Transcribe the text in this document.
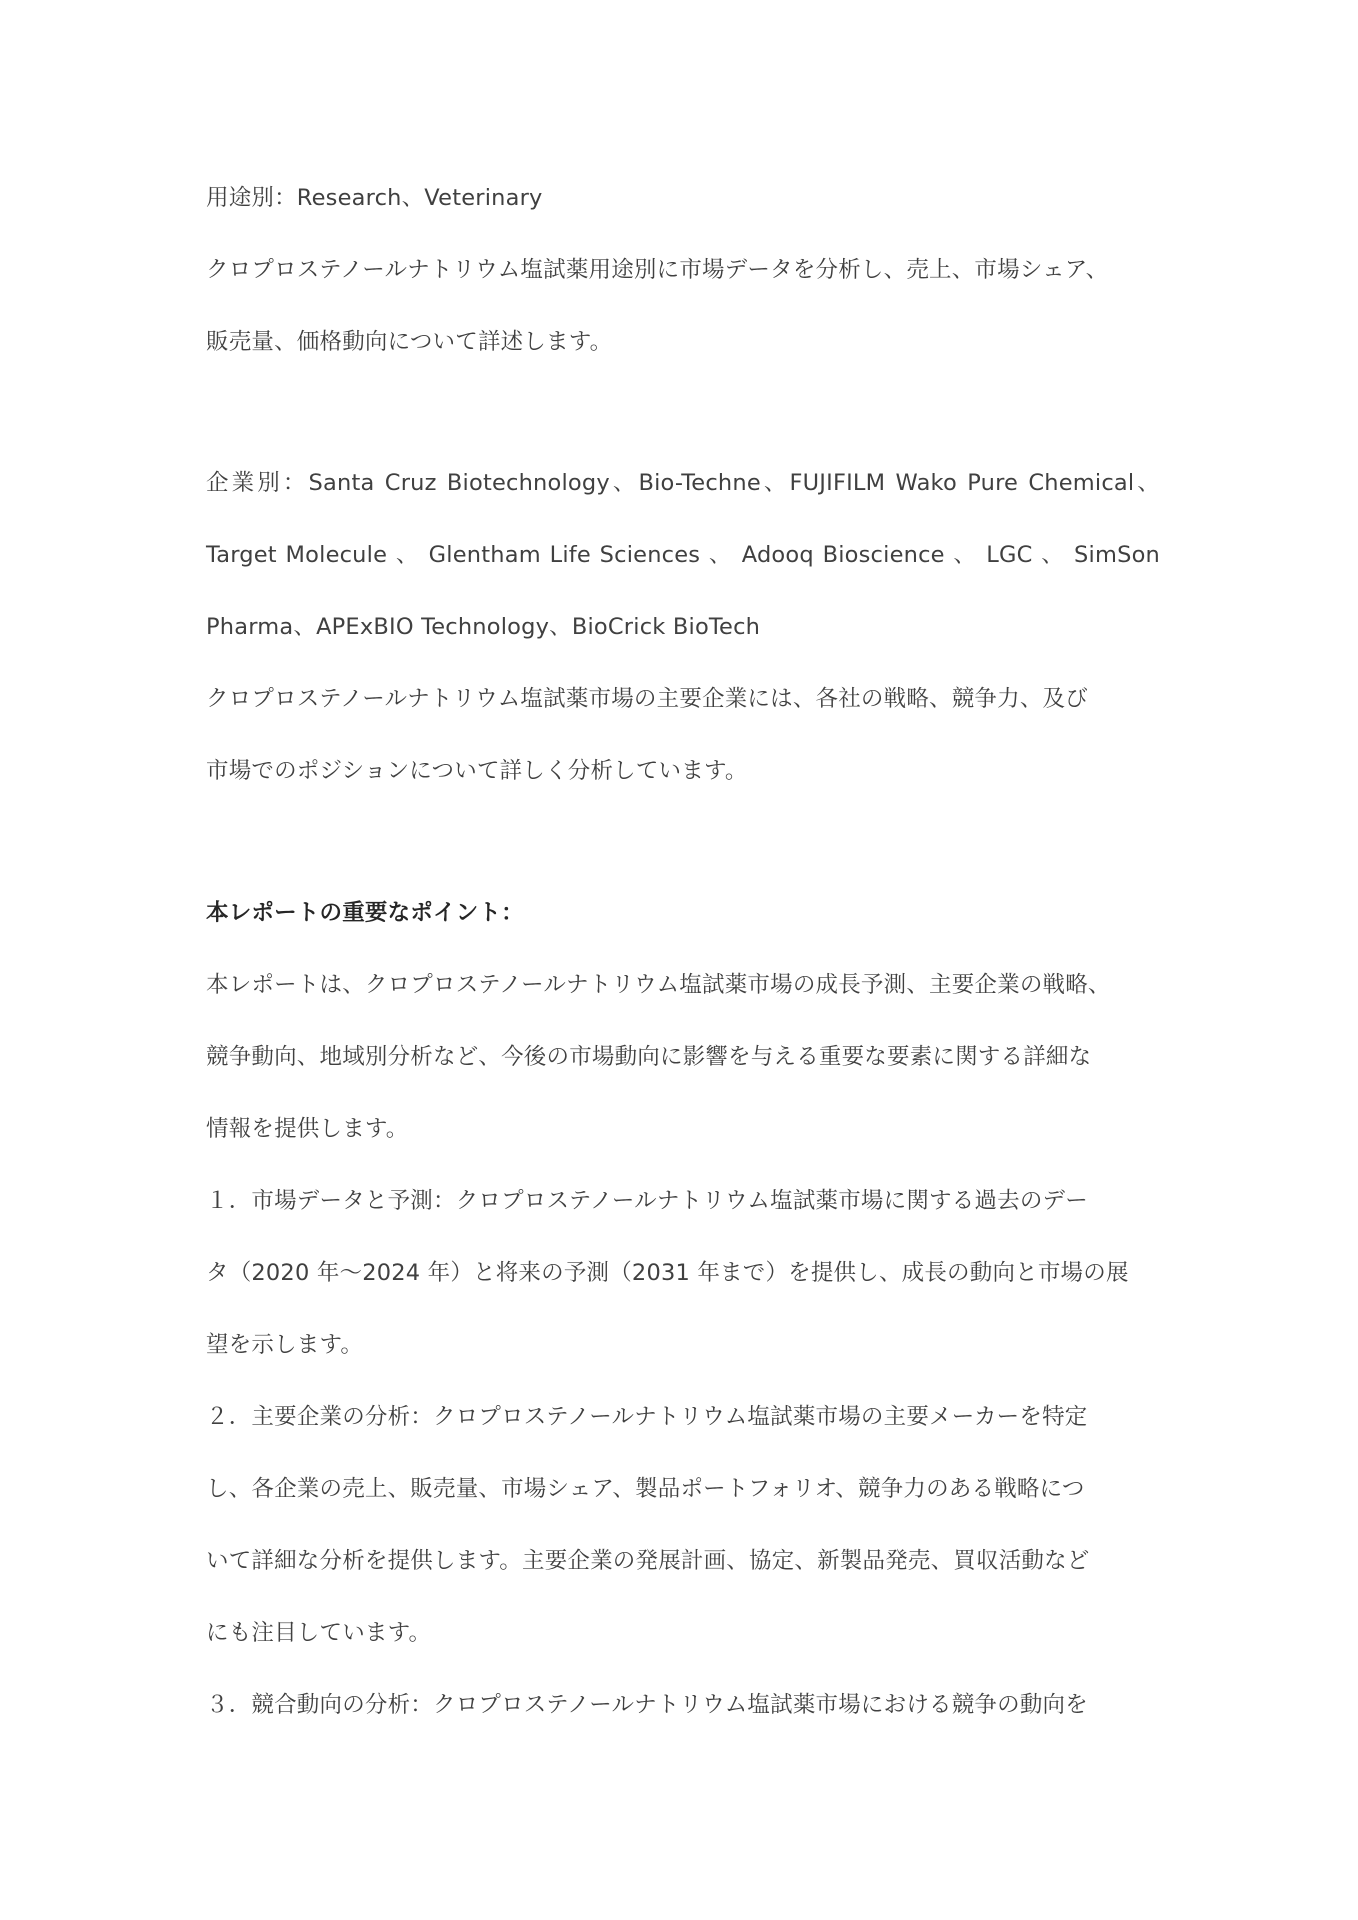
用途別：Research、Veterinary
クロプロステノールナトリウム塩試薬用途別に市場データを分析し、売上、市場シェア、
販売量、価格動向について詳述します。
企業別：Santa Cruz Biotechnology、Bio-Techne、FUJIFILM Wako Pure Chemical、
Target Molecule 、 Glentham Life Sciences 、 Adooq Bioscience 、 LGC 、 SimSon
Pharma、APExBIO Technology、BioCrick BioTech
クロプロステノールナトリウム塩試薬市場の主要企業には、各社の戦略、競争力、及び
市場でのポジションについて詳しく分析しています。
本レポートの重要なポイント：
本レポートは、クロプロステノールナトリウム塩試薬市場の成長予測、主要企業の戦略、
競争動向、地域別分析など、今後の市場動向に影響を与える重要な要素に関する詳細な
情報を提供します。
１．市場データと予測：クロプロステノールナトリウム塩試薬市場に関する過去のデー
タ（2020 年～2024 年）と将来の予測（2031 年まで）を提供し、成長の動向と市場の展
望を示します。
２．主要企業の分析：クロプロステノールナトリウム塩試薬市場の主要メーカーを特定
し、各企業の売上、販売量、市場シェア、製品ポートフォリオ、競争力のある戦略につ
いて詳細な分析を提供します。主要企業の発展計画、協定、新製品発売、買収活動など
にも注目しています。
３．競合動向の分析：クロプロステノールナトリウム塩試薬市場における競争の動向を
